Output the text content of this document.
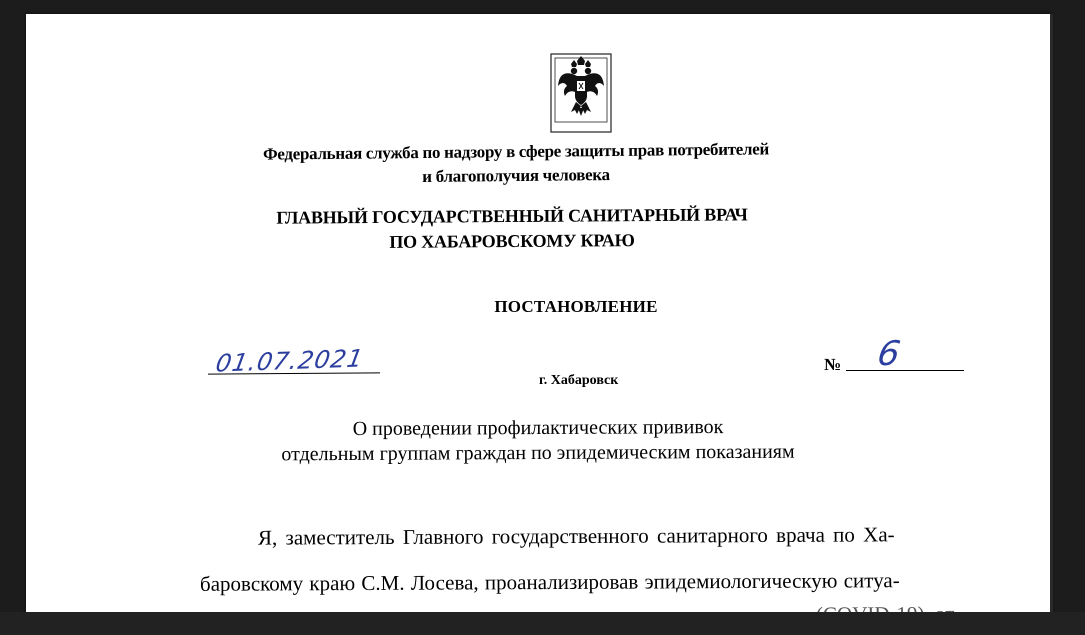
Федеральная служба по надзору в сфере защиты прав потребителей
и благополучия человека
ГЛАВНЫЙ ГОСУДАРСТВЕННЫЙ САНИТАРНЫЙ ВРАЧ
ПО ХАБАРОВСКОМУ КРАЮ
ПОСТАНОВЛЕНИЕ
01.07.2021
г. Хабаровск
№ 6
О проведении профилактических прививок
отдельным группам граждан по эпидемическим показаниям
Я, заместитель Главного государственного санитарного врача по Ха-
баровскому краю С.М. Лосева, проанализировав эпидемиологическую ситуа-
